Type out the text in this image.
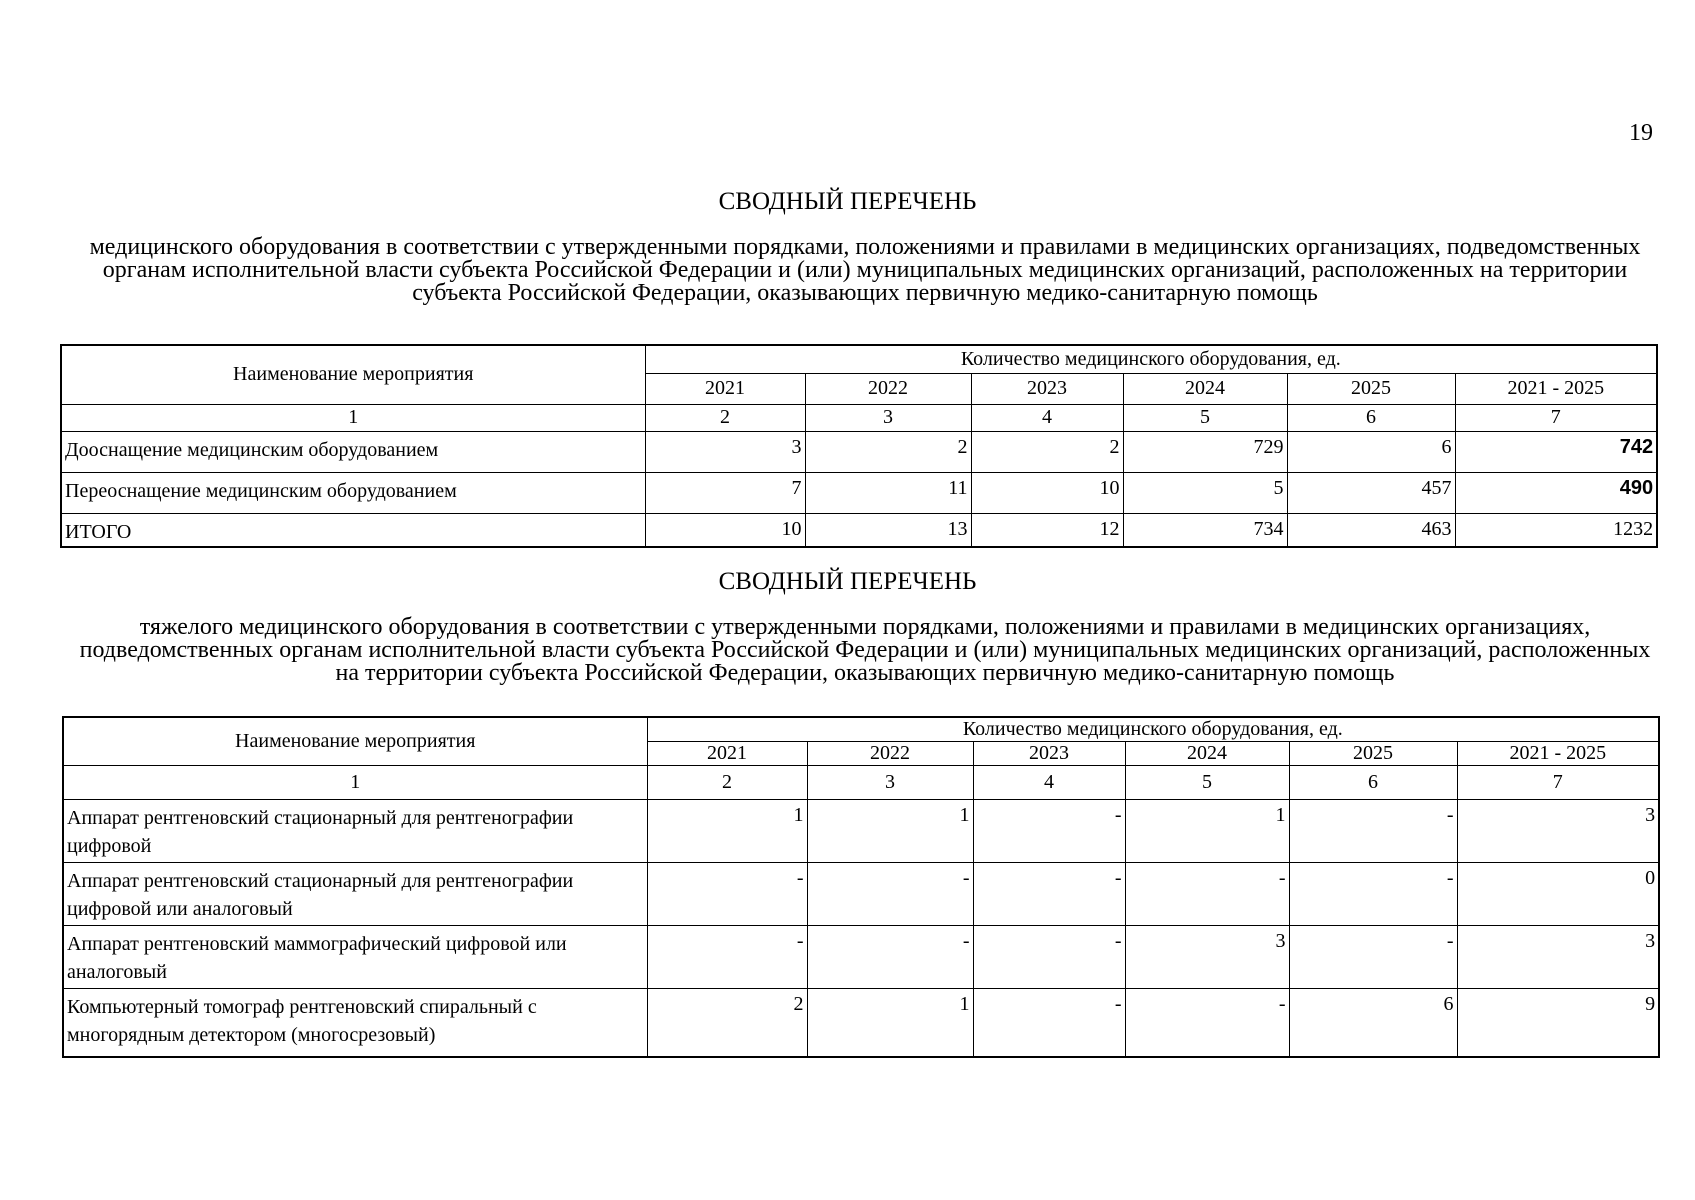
19
СВОДНЫЙ ПЕРЕЧЕНЬ
медицинского оборудования в соответствии с утвержденными порядками, положениями и правилами в медицинских организациях, подведомственных органам исполнительной власти субъекта Российской Федерации и (или) муниципальных медицинских организаций, расположенных на территории субъекта Российской Федерации, оказывающих первичную медико-санитарную помощь
Наименование мероприятия	Количество медицинского оборудования, ед.					
	2021	2022	2023	2024	2025	2021 - 2025
1	2	3	4	5	6	7
Дооснащение медицинским оборудованием	3	2	2	729	6	742
Переоснащение медицинским оборудованием	7	11	10	5	457	490
ИТОГО	10	13	12	734	463	1232
СВОДНЫЙ ПЕРЕЧЕНЬ
тяжелого медицинского оборудования в соответствии с утвержденными порядками, положениями и правилами в медицинских организациях, подведомственных органам исполнительной власти субъекта Российской Федерации и (или) муниципальных медицинских организаций, расположенных на территории субъекта Российской Федерации, оказывающих первичную медико-санитарную помощь
Наименование мероприятия	Количество медицинского оборудования, ед.					
	2021	2022	2023	2024	2025	2021 - 2025
1	2	3	4	5	6	7
Аппарат рентгеновский стационарный для рентгенографии цифровой	1	1	-	1	-	3
Аппарат рентгеновский стационарный для рентгенографии цифровой или аналоговый	-	-	-	-	-	0
Аппарат рентгеновский маммографический цифровой или аналоговый	-	-	-	3	-	3
Компьютерный томограф рентгеновский спиральный с многорядным детектором (многосрезовый)	2	1	-	-	6	9
